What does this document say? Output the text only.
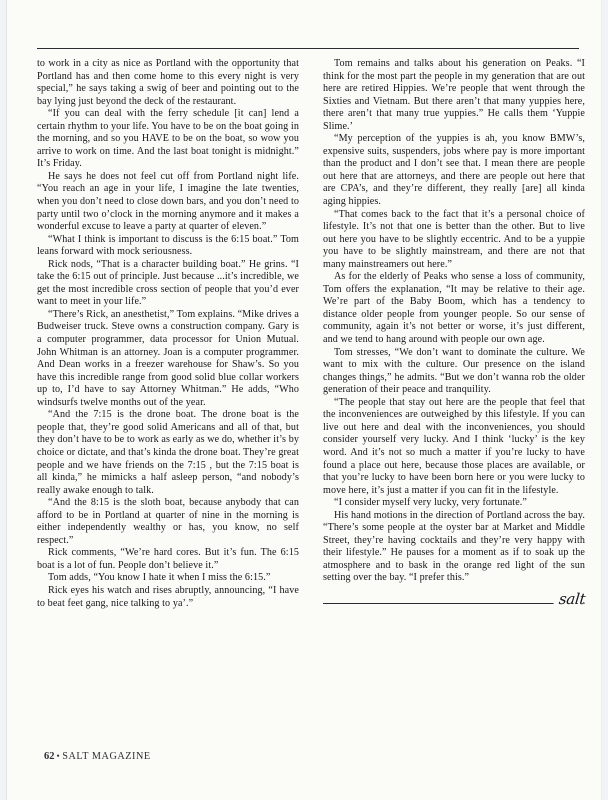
to work in a city as nice as Portland with the opportunity that Portland has and then come home to this every night is very special,” he says taking a swig of beer and pointing out to the bay lying just beyond the deck of the restaurant.

“If you can deal with the ferry schedule [it can] lend a certain rhythm to your life. You have to be on the boat going in the morning, and so you HAVE to be on the boat, so wow you arrive to work on time. And the last boat tonight is midnight.” It’s Friday.

He says he does not feel cut off from Portland night life. “You reach an age in your life, I imagine the late twenties, when you don’t need to close down bars, and you don’t need to party until two o’clock in the morning anymore and it makes a wonderful excuse to leave a party at quarter of eleven.”

“What I think is important to discuss is the 6:15 boat.” Tom leans forward with mock seriousness.

Rick nods, “That is a character building boat.” He grins. “I take the 6:15 out of principle. Just because ...it’s incredible, we get the most incredible cross section of people that you’d ever want to meet in your life.”

“There’s Rick, an anesthetist,” Tom explains. “Mike drives a Budweiser truck. Steve owns a construction company. Gary is a computer programmer, data processor for Union Mutual. John Whitman is an attorney. Joan is a computer programmer. And Dean works in a freezer warehouse for Shaw’s. So you have this incredible range from good solid blue collar workers up to, I’d have to say Attorney Whitman.” He adds, “Who windsurfs twelve months out of the year.

“And the 7:15 is the drone boat. The drone boat is the people that, they’re good solid Americans and all of that, but they don’t have to be to work as early as we do, whether it’s by choice or dictate, and that’s kinda the drone boat. They’re great people and we have friends on the 7:15 , but the 7:15 boat is all kinda,” he mimicks a half asleep person, “and nobody’s really awake enough to talk.

“And the 8:15 is the sloth boat, because anybody that can afford to be in Portland at quarter of nine in the morning is either independently wealthy or has, you know, no self respect.”

Rick comments, “We’re hard cores. But it’s fun. The 6:15 boat is a lot of fun. People don’t believe it.”

Tom adds, “You know I hate it when I miss the 6:15.”

Rick eyes his watch and rises abruptly, announcing, “I have to beat feet gang, nice talking to ya’.”

Tom remains and talks about his generation on Peaks. “I think for the most part the people in my generation that are out here are retired Hippies. We’re people that went through the Sixties and Vietnam. But there aren’t that many yuppies here, there aren’t that many true yuppies.” He calls them ‘Yuppie Slime.’

“My perception of the yuppies is ah, you know BMW’s, expensive suits, suspenders, jobs where pay is more important than the product and I don’t see that. I mean there are people out here that are attorneys, and there are people out here that are CPA’s, and they’re different, they really [are] all kinda aging hippies.

“That comes back to the fact that it’s a personal choice of lifestyle. It’s not that one is better than the other. But to live out here you have to be slightly eccentric. And to be a yuppie you have to be slightly mainstream, and there are not that many mainstreamers out here.”

As for the elderly of Peaks who sense a loss of community, Tom offers the explanation, “It may be relative to their age. We’re part of the Baby Boom, which has a tendency to distance older people from younger people. So our sense of community, again it’s not better or worse, it’s just different, and we tend to hang around with people our own age.

Tom stresses, “We don’t want to dominate the culture. We want to mix with the culture. Our presence on the island changes things,” he admits. “But we don’t wanna rob the older generation of their peace and tranquility.

“The people that stay out here are the people that feel that the inconveniences are outweighed by this lifestyle. If you can live out here and deal with the inconveniences, you should consider yourself very lucky. And I think ‘lucky’ is the key word. And it’s not so much a matter if you’re lucky to have found a place out here, because those places are available, or that you’re lucky to have been born here or you were lucky to move here, it’s just a matter if you can fit in the lifestyle.

“I consider myself very lucky, very fortunate.”

His hand motions in the direction of Portland across the bay. “There’s some people at the oyster bar at Market and Middle Street, they’re having cocktails and they’re very happy with their lifestyle.” He pauses for a moment as if to soak up the atmosphere and to bask in the orange red light of the sun setting over the bay. “I prefer this.”

salt
62 • SALT MAGAZINE
